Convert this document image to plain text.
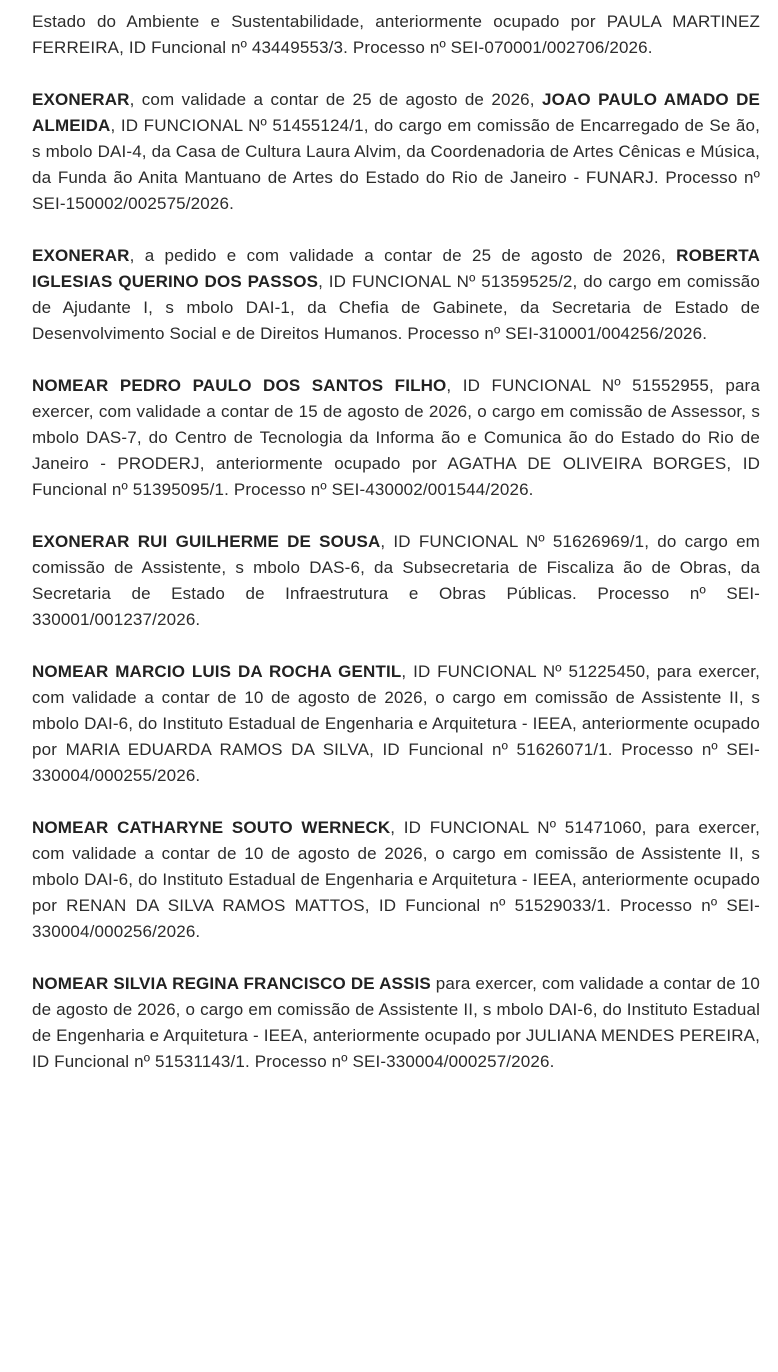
Estado do Ambiente e Sustentabilidade, anteriormente ocupado por PAULA MARTINEZ FERREIRA, ID Funcional nº 43449553/3. Processo nº SEI-070001/002706/2026.

EXONERAR, com validade a contar de 25 de agosto de 2026, JOAO PAULO AMADO DE ALMEIDA, ID FUNCIONAL Nº 51455124/1, do cargo em comissão de Encarregado de Se ão, s mbolo DAI-4, da Casa de Cultura Laura Alvim, da Coordenadoria de Artes Cênicas e Música, da Funda ão Anita Mantuano de Artes do Estado do Rio de Janeiro - FUNARJ. Processo nº SEI-150002/002575/2026.

EXONERAR, a pedido e com validade a contar de 25 de agosto de 2026, ROBERTA IGLESIAS QUERINO DOS PASSOS, ID FUNCIONAL Nº 51359525/2, do cargo em comissão de Ajudante I, s mbolo DAI-1, da Chefia de Gabinete, da Secretaria de Estado de Desenvolvimento Social e de Direitos Humanos. Processo nº SEI-310001/004256/2026.

NOMEAR PEDRO PAULO DOS SANTOS FILHO, ID FUNCIONAL Nº 51552955, para exercer, com validade a contar de 15 de agosto de 2026, o cargo em comissão de Assessor, s mbolo DAS-7, do Centro de Tecnologia da Informa ão e Comunica ão do Estado do Rio de Janeiro - PRODERJ, anteriormente ocupado por AGATHA DE OLIVEIRA BORGES, ID Funcional nº 51395095/1. Processo nº SEI-430002/001544/2026.

EXONERAR RUI GUILHERME DE SOUSA, ID FUNCIONAL Nº 51626969/1, do cargo em comissão de Assistente, s mbolo DAS-6, da Subsecretaria de Fiscaliza ão de Obras, da Secretaria de Estado de Infraestrutura e Obras Públicas. Processo nº SEI-330001/001237/2026.

NOMEAR MARCIO LUIS DA ROCHA GENTIL, ID FUNCIONAL Nº 51225450, para exercer, com validade a contar de 10 de agosto de 2026, o cargo em comissão de Assistente II, s mbolo DAI-6, do Instituto Estadual de Engenharia e Arquitetura - IEEA, anteriormente ocupado por MARIA EDUARDA RAMOS DA SILVA, ID Funcional nº 51626071/1. Processo nº SEI-330004/000255/2026.

NOMEAR CATHARYNE SOUTO WERNECK, ID FUNCIONAL Nº 51471060, para exercer, com validade a contar de 10 de agosto de 2026, o cargo em comissão de Assistente II, s mbolo DAI-6, do Instituto Estadual de Engenharia e Arquitetura - IEEA, anteriormente ocupado por RENAN DA SILVA RAMOS MATTOS, ID Funcional nº 51529033/1. Processo nº SEI-330004/000256/2026.

NOMEAR SILVIA REGINA FRANCISCO DE ASSIS para exercer, com validade a contar de 10 de agosto de 2026, o cargo em comissão de Assistente II, s mbolo DAI-6, do Instituto Estadual de Engenharia e Arquitetura - IEEA, anteriormente ocupado por JULIANA MENDES PEREIRA, ID Funcional nº 51531143/1. Processo nº SEI-330004/000257/2026.
